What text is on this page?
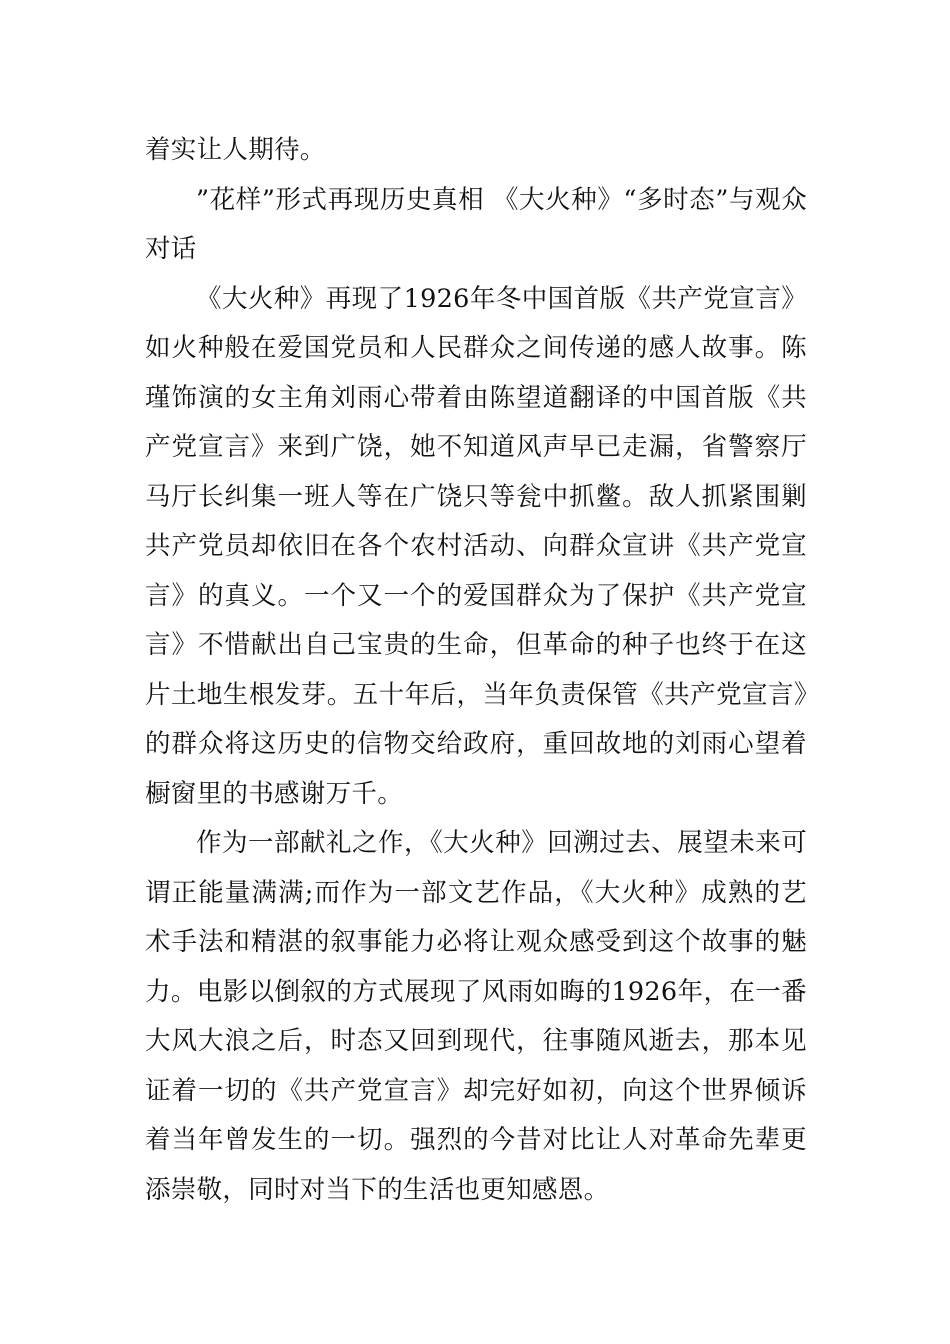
着实让人期待。

”花样”形式再现历史真相 《大火种》“多时态”与观众对话

《大火种》再现了1926年冬中国首版《共产党宣言》如火种般在爱国党员和人民群众之间传递的感人故事。陈瑾饰演的女主角刘雨心带着由陈望道翻译的中国首版《共产党宣言》来到广饶，她不知道风声早已走漏，省警察厅马厅长纠集一班人等在广饶只等瓮中抓鳖。敌人抓紧围剿共产党员却依旧在各个农村活动、向群众宣讲《共产党宣言》的真义。一个又一个的爱国群众为了保护《共产党宣言》不惜献出自己宝贵的生命，但革命的种子也终于在这片土地生根发芽。五十年后，当年负责保管《共产党宣言》的群众将这历史的信物交给政府，重回故地的刘雨心望着橱窗里的书感谢万千。

作为一部献礼之作，《大火种》回溯过去、展望未来可谓正能量满满;而作为一部文艺作品，《大火种》成熟的艺术手法和精湛的叙事能力必将让观众感受到这个故事的魅力。电影以倒叙的方式展现了风雨如晦的1926年，在一番大风大浪之后，时态又回到现代，往事随风逝去，那本见证着一切的《共产党宣言》却完好如初，向这个世界倾诉着当年曾发生的一切。强烈的今昔对比让人对革命先辈更添崇敬，同时对当下的生活也更知感恩。
